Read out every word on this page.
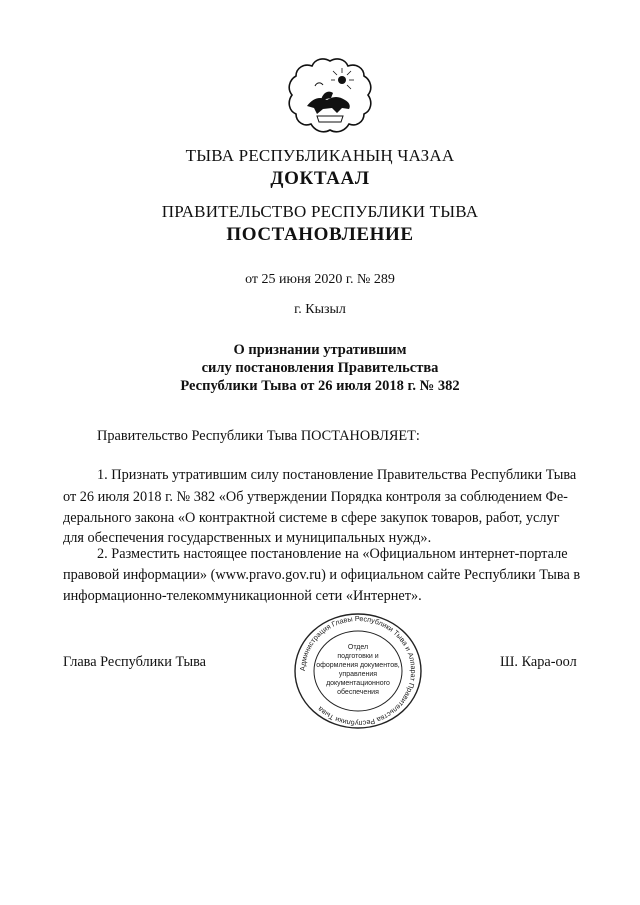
ТЫВА РЕСПУБЛИКАНЫҢ ЧАЗАА
ДОКТААЛ
ПРАВИТЕЛЬСТВО РЕСПУБЛИКИ ТЫВА
ПОСТАНОВЛЕНИЕ
от 25 июня 2020 г. № 289
г. Кызыл
О признании утратившим
силу постановления Правительства
Республики Тыва от 26 июля 2018 г. № 382
Правительство Республики Тыва ПОСТАНОВЛЯЕТ:
1. Признать утратившим силу постановление Правительства Республики Тыва
от 26 июля 2018 г. № 382 «Об утверждении Порядка контроля за соблюдением Фе-
дерального закона «О контрактной системе в сфере закупок товаров, работ, услуг
для обеспечения государственных и муниципальных нужд».
2. Разместить настоящее постановление на «Официальном интернет-портале
правовой информации» (www.pravo.gov.ru) и официальном сайте Республики Тыва в
информационно-телекоммуникационной сети «Интернет».
Глава Республики Тыва	Ш. Кара-оол
Администрация Главы Республики Тыва и Аппарат Правительства Республики Тыва
Отдел
подготовки и
оформления документов,
управления
документационного
обеспечения
